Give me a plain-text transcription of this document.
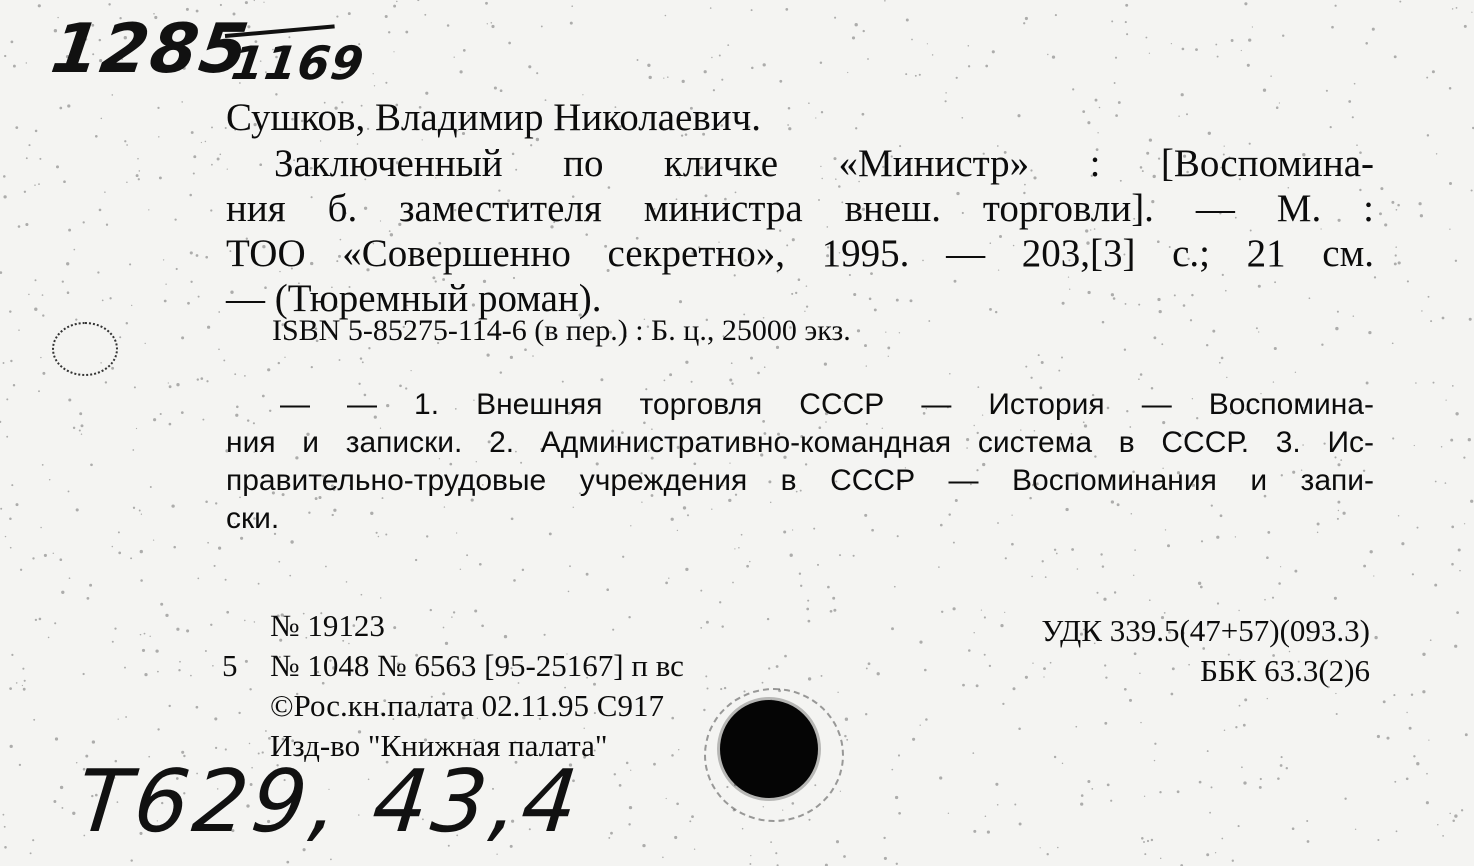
1285
1169

Сушков, Владимир Николаевич.

Заключенный по кличке «Министр» : [Воспомина-
ния б. заместителя министра внеш. торговли]. — М. :
ТОО «Совершенно секретно», 1995. — 203,[3] с.; 21 см.
— (Тюремный роман).

ISBN 5-85275-114-6 (в пер.) : Б. ц., 25000 экз.

— — 1. Внешняя торговля СССР — История — Воспомина-
ния и записки. 2. Административно-командная система в СССР. 3. Ис-
правительно-трудовые учреждения в СССР — Воспоминания и запи-
ски.

№ 19123
5 № 1048 № 6563 [95-25167] п вс
©Рос.кн.палата 02.11.95 С917
Изд-во "Книжная палата"
УДК 339.5(47+57)(093.3)
ББК 63.3(2)6
Т629, 43,4
